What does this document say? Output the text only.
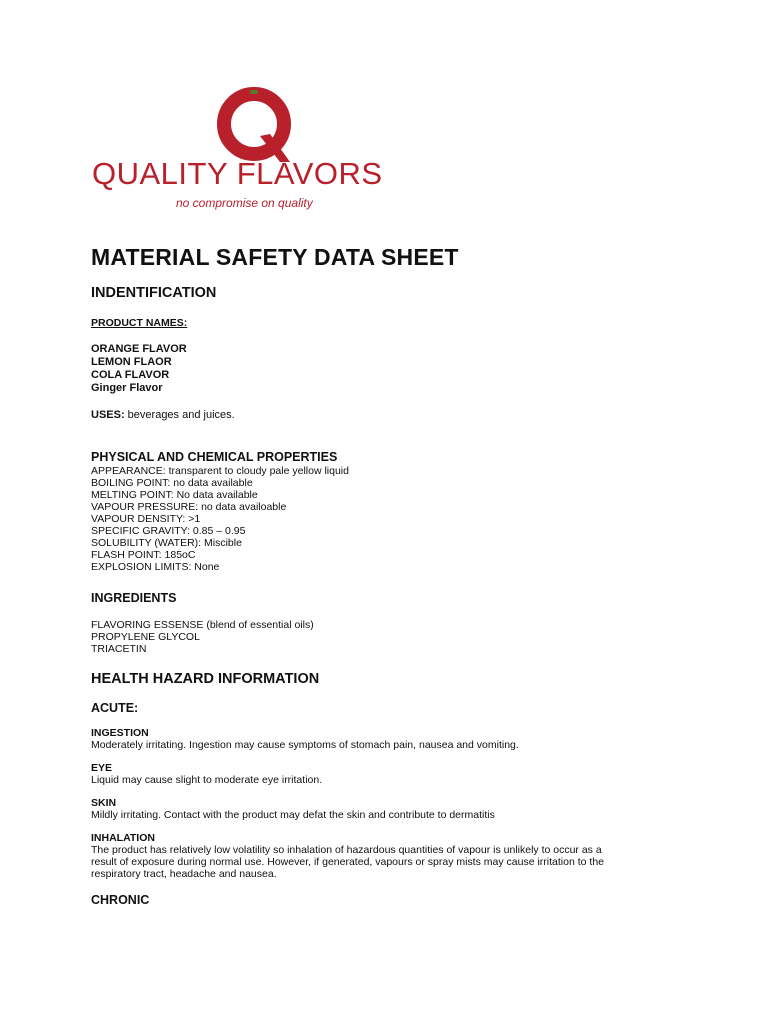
QUALITY FLAVORS
no compromise on quality
MATERIAL SAFETY DATA SHEET
INDENTIFICATION
PRODUCT NAMES:
ORANGE FLAVOR
LEMON FLAOR
COLA FLAVOR
Ginger Flavor
USES: beverages and juices.
PHYSICAL AND CHEMICAL PROPERTIES
APPEARANCE: transparent to cloudy pale yellow liquid
BOILING POINT: no data available
MELTING POINT: No data available
VAPOUR PRESSURE: no data availoable
VAPOUR DENSITY: >1
SPECIFIC GRAVITY: 0.85 – 0.95
SOLUBILITY (WATER): Miscible
FLASH POINT: 185oC
EXPLOSION LIMITS: None
INGREDIENTS
FLAVORING ESSENSE (blend of essential oils)
PROPYLENE GLYCOL
TRIACETIN
HEALTH HAZARD INFORMATION
ACUTE:
INGESTION
Moderately irritating. Ingestion may cause symptoms of stomach pain, nausea and vomiting.
EYE
Liquid may cause slight to moderate eye irritation.
SKIN
Mildly irritating. Contact with the product may defat the skin and contribute to dermatitis
INHALATION
The product has relatively low volatility so inhalation of hazardous quantities of vapour is unlikely to occur as a result of exposure during normal use. However, if generated, vapours or spray mists may cause irritation to the respiratory tract, headache and nausea.
CHRONIC
